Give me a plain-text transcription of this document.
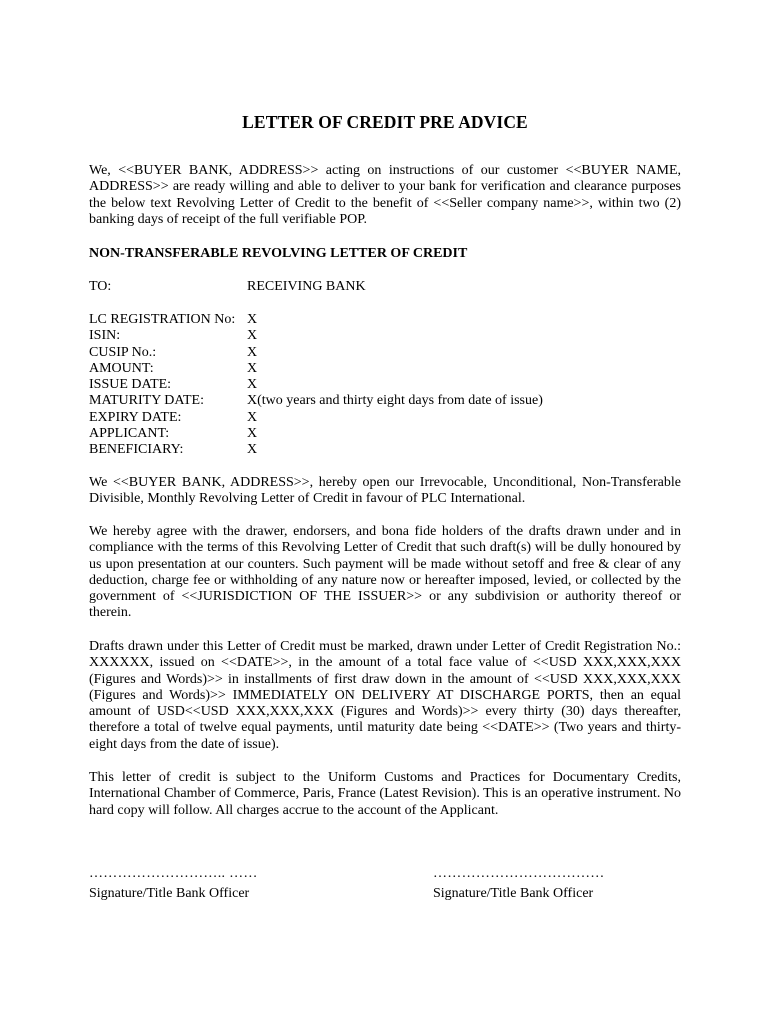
LETTER OF CREDIT PRE ADVICE

We, <<BUYER BANK, ADDRESS>> acting on instructions of our customer <<BUYER NAME, ADDRESS>> are ready willing and able to deliver to your bank for verification and clearance purposes the below text Revolving Letter of Credit to the benefit of <<Seller company name>>, within two (2) banking days of receipt of the full verifiable POP.

NON-TRANSFERABLE REVOLVING LETTER OF CREDIT
TO:	RECEIVING BANK
LC REGISTRATION No: X
ISIN:	X
CUSIP No.:	X
AMOUNT:	X
ISSUE DATE:	X
MATURITY DATE:	X(two years and thirty eight days from date of issue)
EXPIRY DATE:	X
APPLICANT:	X
BENEFICIARY:	X

We <<BUYER BANK, ADDRESS>>, hereby open our Irrevocable, Unconditional, Non-Transferable Divisible, Monthly Revolving Letter of Credit in favour of PLC International.

We hereby agree with the drawer, endorsers, and bona fide holders of the drafts drawn under and in compliance with the terms of this Revolving Letter of Credit that such draft(s) will be dully honoured by us upon presentation at our counters. Such payment will be made without setoff and free & clear of any deduction, charge fee or withholding of any nature now or hereafter imposed, levied, or collected by the government of <<JURISDICTION OF THE ISSUER>> or any subdivision or authority thereof or therein.

Drafts drawn under this Letter of Credit must be marked, drawn under Letter of Credit Registration No.: XXXXXX, issued on <<DATE>>, in the amount of a total face value of <<USD XXX,XXX,XXX (Figures and Words)>> in installments of first draw down in the amount of <<USD XXX,XXX,XXX (Figures and Words)>> IMMEDIATELY ON DELIVERY AT DISCHARGE PORTS, then an equal amount of USD<<USD XXX,XXX,XXX (Figures and Words)>> every thirty (30) days thereafter, therefore a total of twelve equal payments, until maturity date being <<DATE>> (Two years and thirty-eight days from the date of issue).

This letter of credit is subject to the Uniform Customs and Practices for Documentary Credits, International Chamber of Commerce, Paris, France (Latest Revision). This is an operative instrument. No hard copy will follow. All charges accrue to the account of the Applicant.

……………………….. ……
Signature/Title Bank Officer
………………………………
Signature/Title Bank Officer
